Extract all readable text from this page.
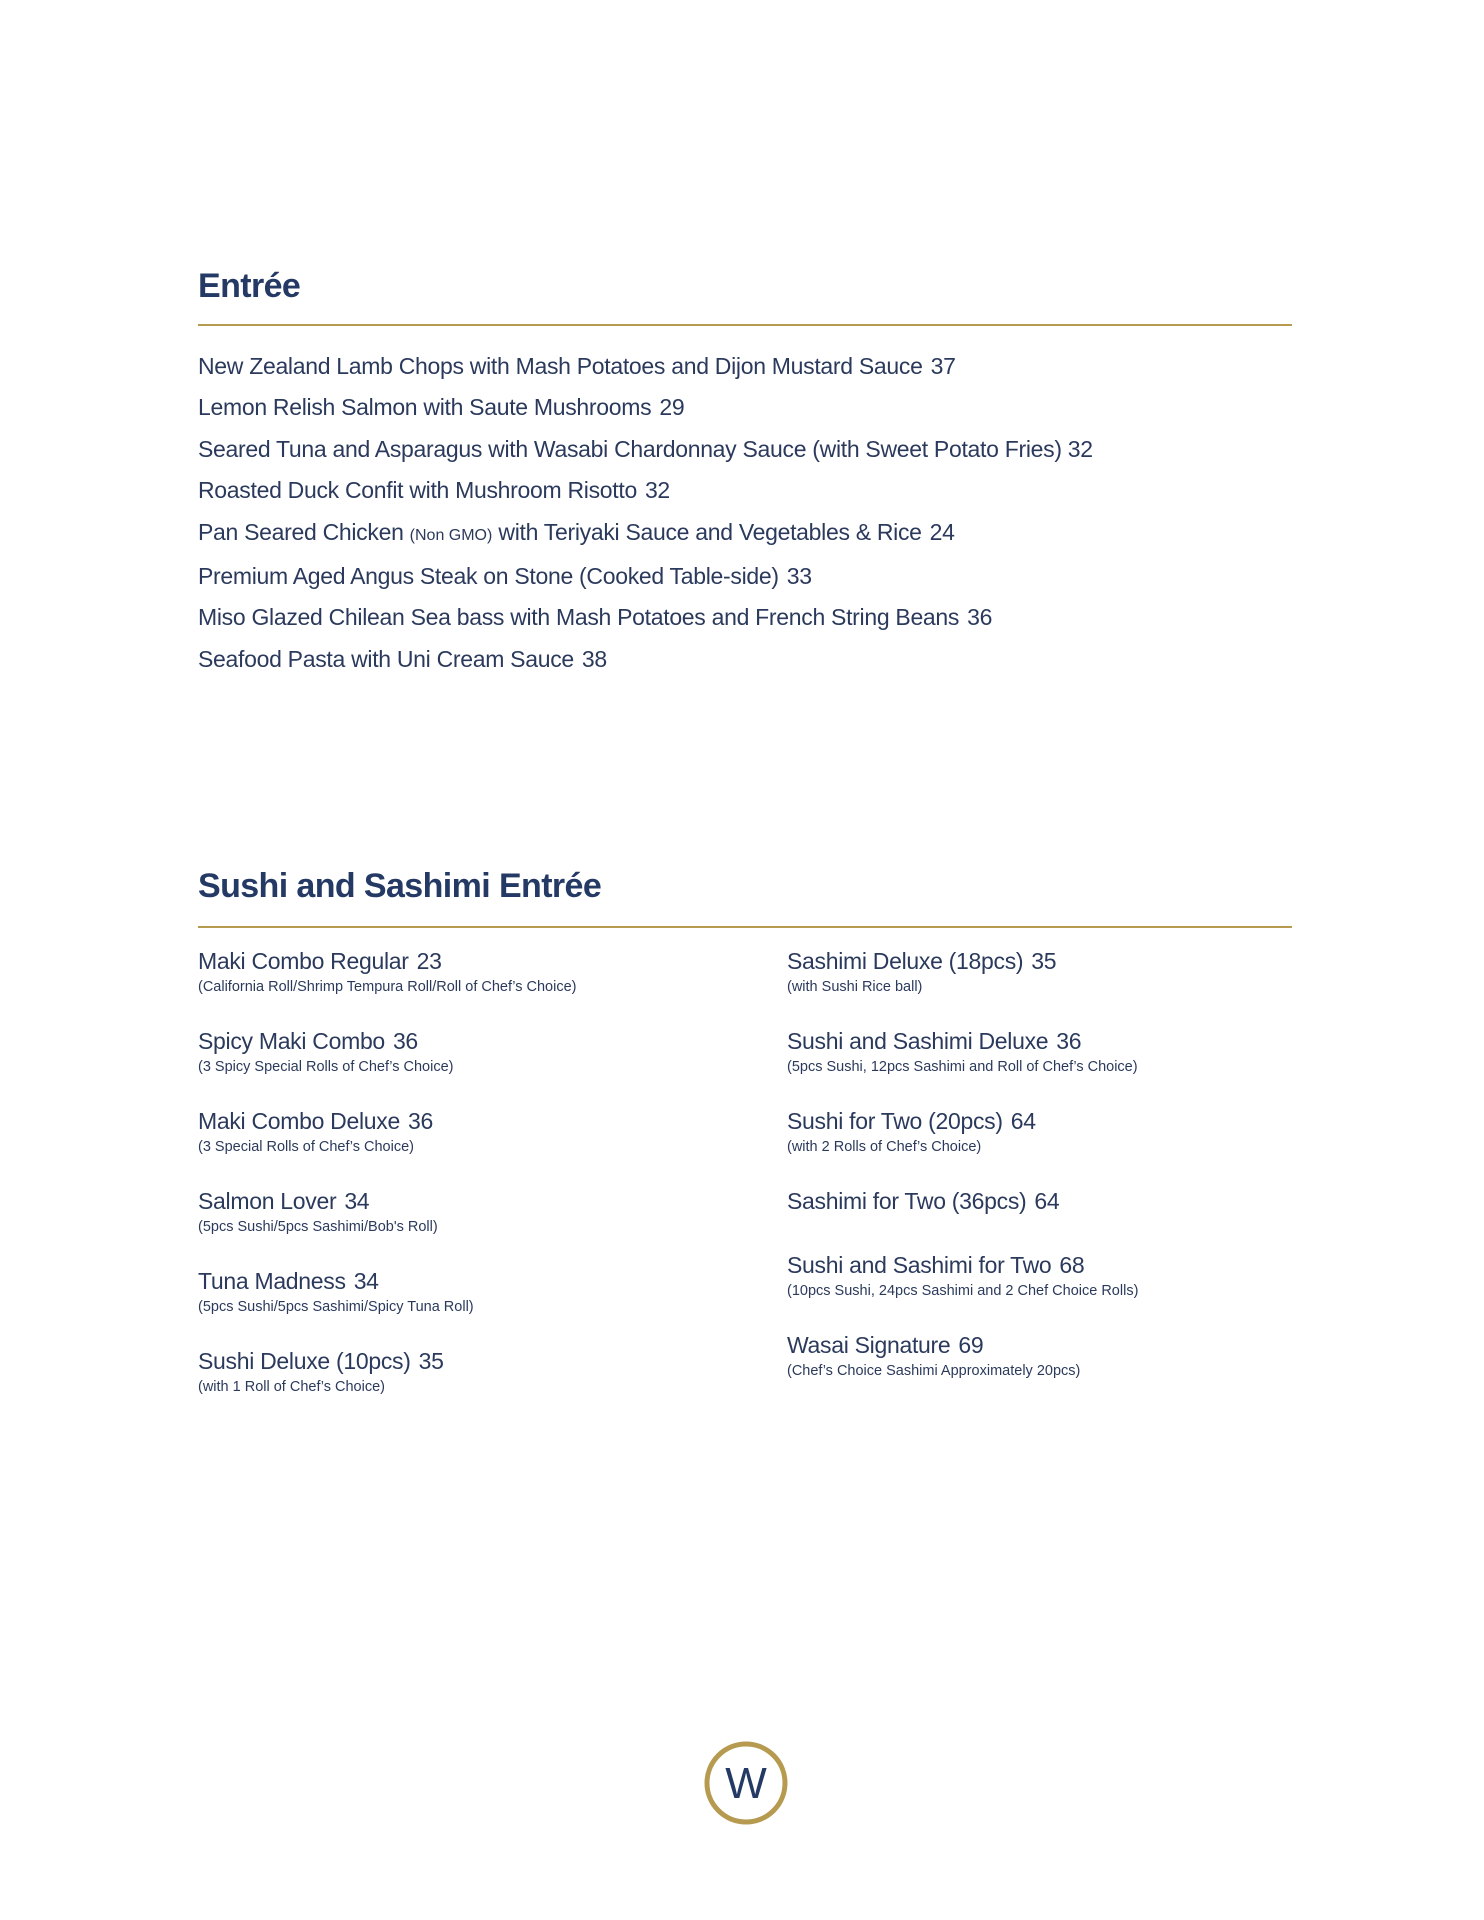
Entrée
New Zealand Lamb Chops with Mash Potatoes and Dijon Mustard Sauce 37
Lemon Relish Salmon with Saute Mushrooms 29
Seared Tuna and Asparagus with Wasabi Chardonnay Sauce (with Sweet Potato Fries) 32
Roasted Duck Confit with Mushroom Risotto 32
Pan Seared Chicken (Non GMO) with Teriyaki Sauce and Vegetables & Rice 24
Premium Aged Angus Steak on Stone (Cooked Table-side) 33
Miso Glazed Chilean Sea bass with Mash Potatoes and French String Beans 36
Seafood Pasta with Uni Cream Sauce 38
Sushi and Sashimi Entrée
Maki Combo Regular 23
(California Roll/Shrimp Tempura Roll/Roll of Chef’s Choice)
Spicy Maki Combo 36
(3 Spicy Special Rolls of Chef’s Choice)
Maki Combo Deluxe 36
(3 Special Rolls of Chef’s Choice)
Salmon Lover 34
(5pcs Sushi/5pcs Sashimi/Bob's Roll)
Tuna Madness 34
(5pcs Sushi/5pcs Sashimi/Spicy Tuna Roll)
Sushi Deluxe (10pcs) 35
(with 1 Roll of Chef’s Choice)
Sashimi Deluxe (18pcs) 35
(with Sushi Rice ball)
Sushi and Sashimi Deluxe 36
(5pcs Sushi, 12pcs Sashimi and Roll of Chef’s Choice)
Sushi for Two (20pcs) 64
(with 2 Rolls of Chef’s Choice)
Sashimi for Two (36pcs) 64
Sushi and Sashimi for Two 68
(10pcs Sushi, 24pcs Sashimi and 2 Chef Choice Rolls)
Wasai Signature 69
(Chef’s Choice Sashimi Approximately 20pcs)
W
